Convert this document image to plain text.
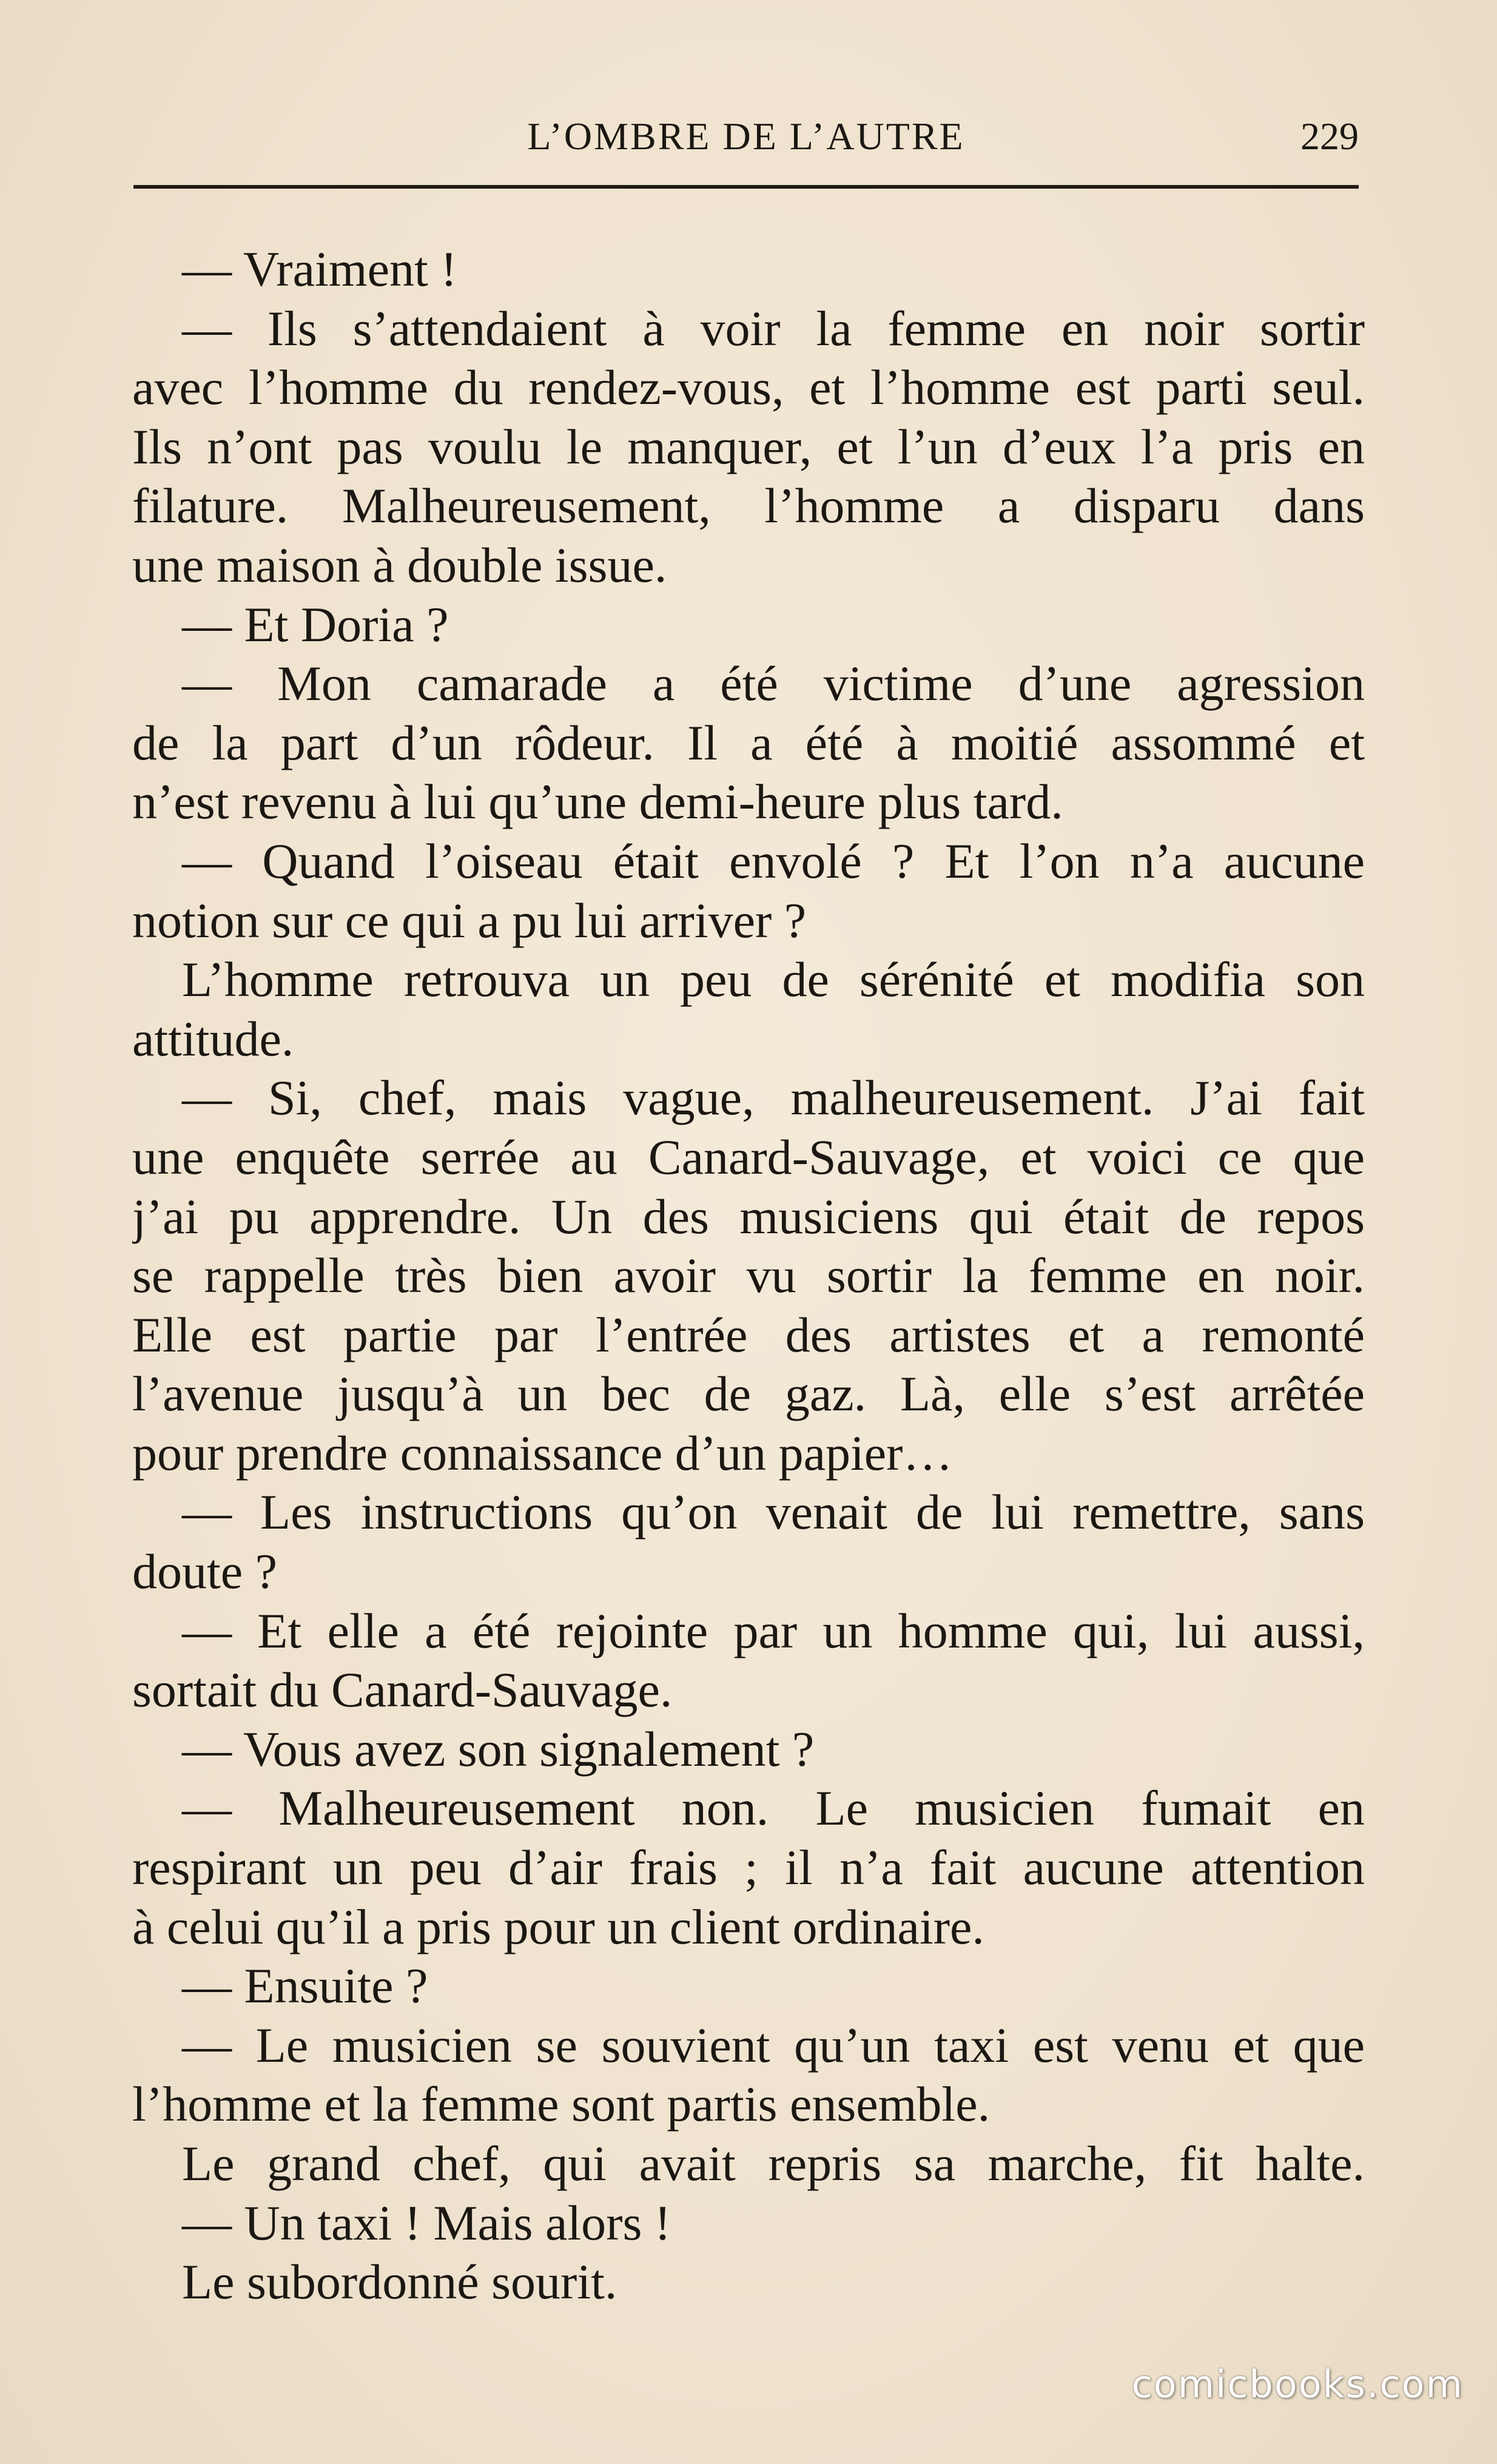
L’OMBRE DE L’AUTRE	229
— Vraiment !
— Ils s’attendaient à voir la femme en noir sortir
avec l’homme du rendez-vous, et l’homme est parti seul.
Ils n’ont pas voulu le manquer, et l’un d’eux l’a pris en
filature. Malheureusement, l’homme a disparu dans
une maison à double issue.
— Et Doria ?
— Mon camarade a été victime d’une agression
de la part d’un rôdeur. Il a été à moitié assommé et
n’est revenu à lui qu’une demi-heure plus tard.
— Quand l’oiseau était envolé ? Et l’on n’a aucune
notion sur ce qui a pu lui arriver ?
L’homme retrouva un peu de sérénité et modifia son
attitude.
— Si, chef, mais vague, malheureusement. J’ai fait
une enquête serrée au Canard-Sauvage, et voici ce que
j’ai pu apprendre. Un des musiciens qui était de repos
se rappelle très bien avoir vu sortir la femme en noir.
Elle est partie par l’entrée des artistes et a remonté
l’avenue jusqu’à un bec de gaz. Là, elle s’est arrêtée
pour prendre connaissance d’un papier…
— Les instructions qu’on venait de lui remettre, sans
doute ?
— Et elle a été rejointe par un homme qui, lui aussi,
sortait du Canard-Sauvage.
— Vous avez son signalement ?
— Malheureusement non. Le musicien fumait en
respirant un peu d’air frais ; il n’a fait aucune attention
à celui qu’il a pris pour un client ordinaire.
— Ensuite ?
— Le musicien se souvient qu’un taxi est venu et que
l’homme et la femme sont partis ensemble.
Le grand chef, qui avait repris sa marche, fit halte.
— Un taxi ! Mais alors !
Le subordonné sourit.
comicbooks.com
